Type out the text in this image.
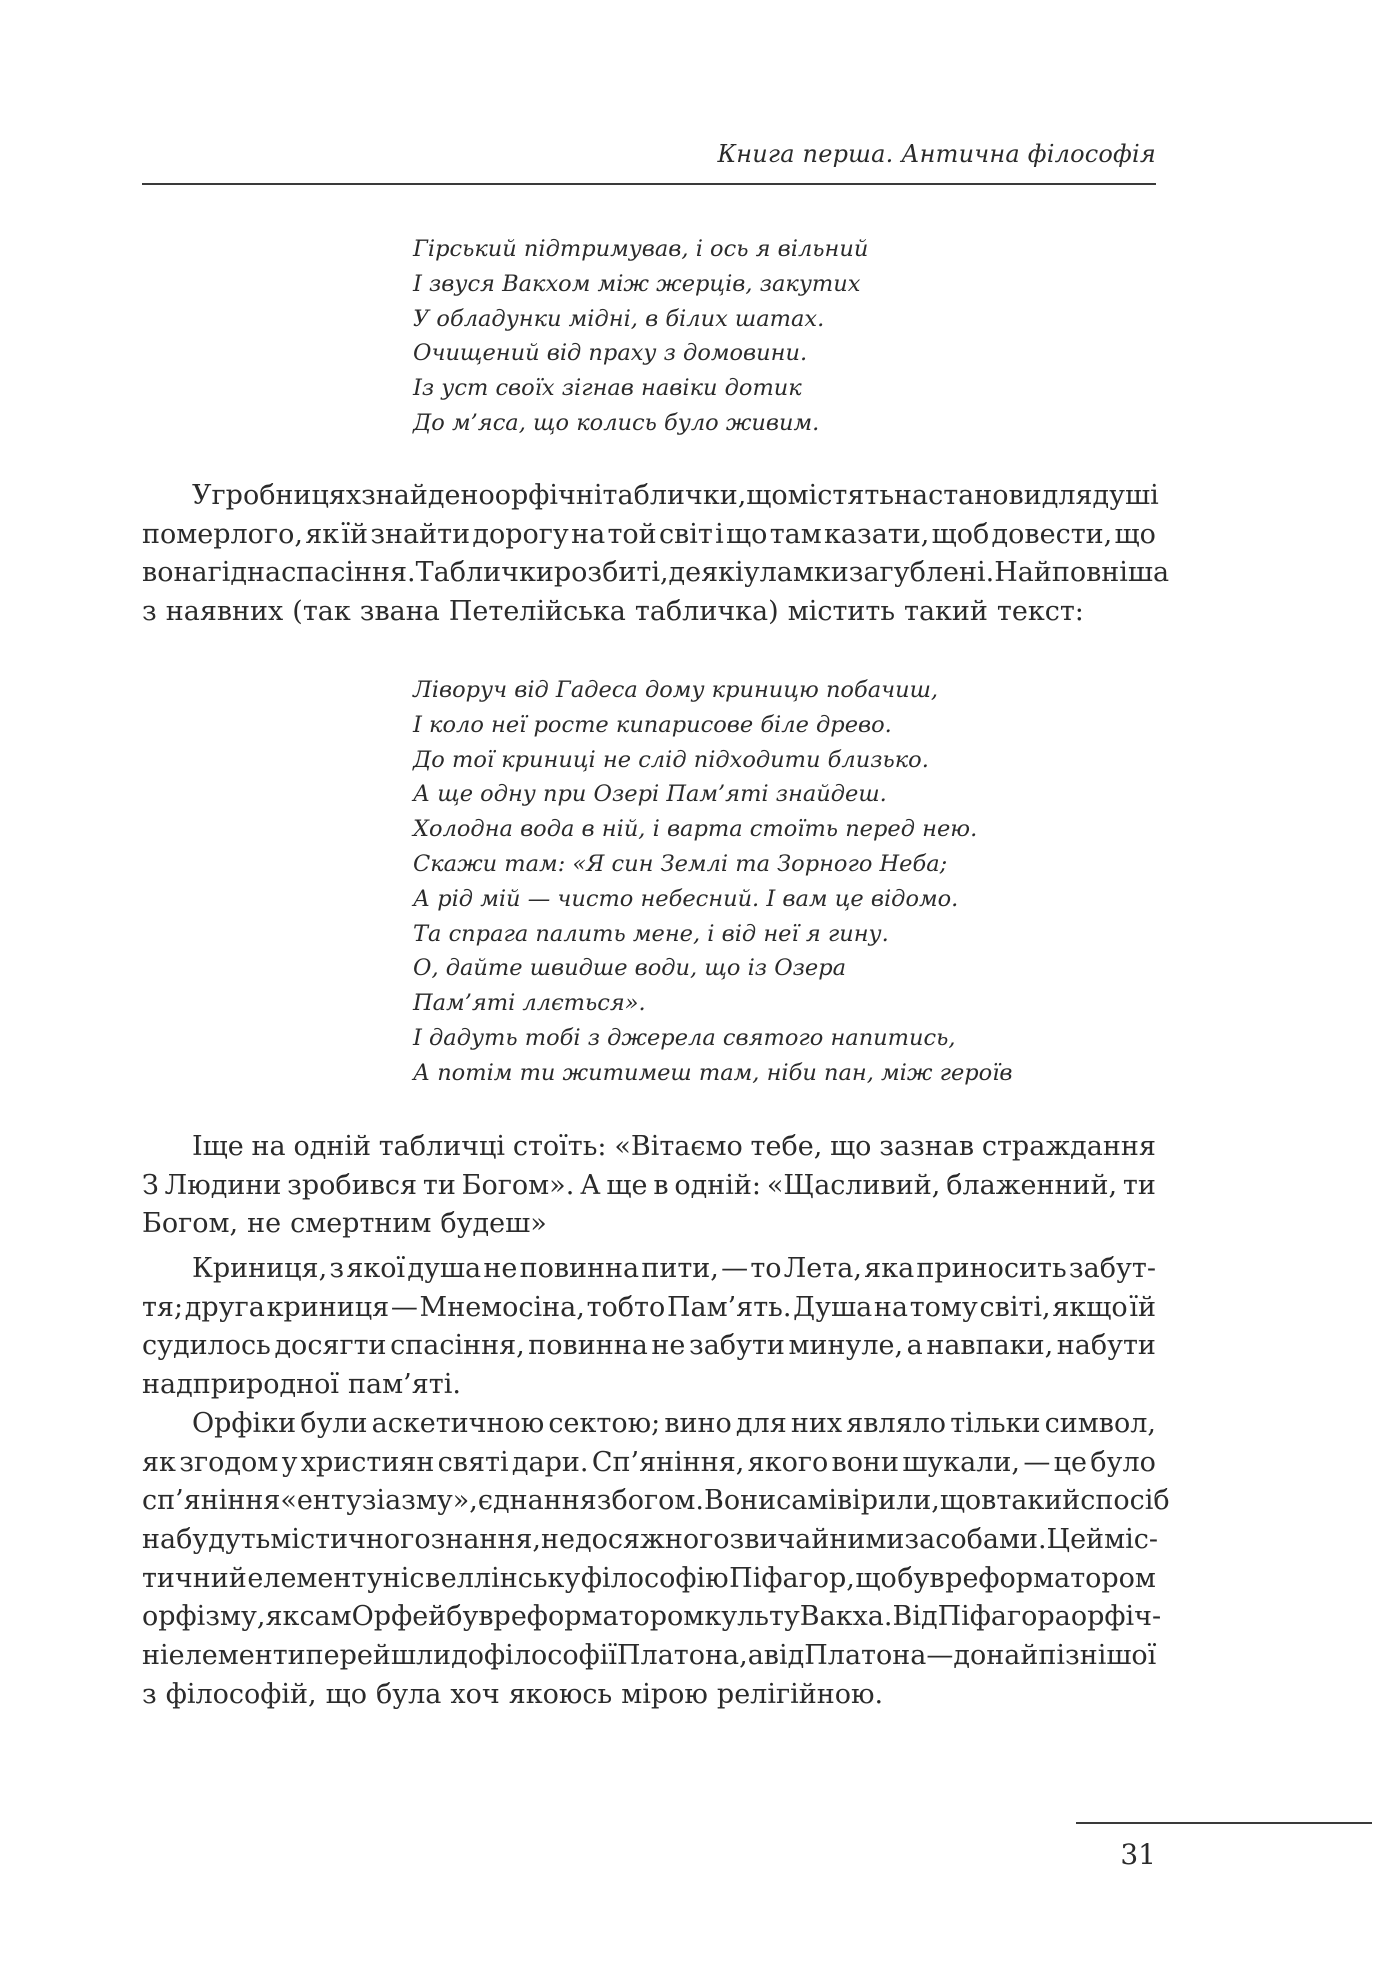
Книга перша. Антична філософія
Гірський підтримував, і ось я вільний
І звуся Вакхом між жерців, закутих
У обладунки мідні, в білих шатах.
Очищений від праху з домовини.
Із уст своїх зігнав навіки дотик
До м’яса, що колись було живим.
У гробницях знайдено орфічні таблички, що містять настанови для душі
померлого, як їй знайти дорогу на той світ і що там казати, щоб довести, що
вона гідна спасіння. Таблички розбиті, деякі уламки загублені. Найповніша
з наявних (так звана Петелійська табличка) містить такий текст:
Ліворуч від Гадеса дому криницю побачиш,
І коло неї росте кипарисове біле древо.
До тої криниці не слід підходити близько.
А ще одну при Озері Пам’яті знайдеш.
Холодна вода в ній, і варта стоїть перед нею.
Скажи там: «Я син Землі та Зорного Неба;
А рід мій — чисто небесний. І вам це відомо.
Та спрага палить мене, і від неї я гину.
О, дайте швидше води, що із Озера
Пам’яті ллється».
І дадуть тобі з джерела святого напитись,
А потім ти житимеш там, ніби пан, між героїв
Іще на одній табличці стоїть: «Вітаємо тебе, що зазнав страждання
З Людини зробився ти Богом». А ще в одній: «Щасливий, блаженний, ти
Богом, не смертним будеш»
Криниця, з якої душа не повинна пити, — то Лета, яка приносить забут-
тя; друга криниця — Мнемосіна, тобто Пам’ять. Душа на тому світі, якщо їй
судилось досягти спасіння, повинна не забути минуле, а навпаки, набути
надприродної пам’яті.
Орфіки були аскетичною сектою; вино для них являло тільки символ,
як згодом у християн святі дари. Сп’яніння, якого вони шукали, — це було
сп’яніння «ентузіазму», єднання з богом. Вони самі вірили, що в такий спосіб
набудуть містичного знання, недосяжного звичайними засобами. Цей міс-
тичний елемент уніс в еллінську філософію Піфагор, що був реформатором
орфізму, як сам Орфей був реформатором культу Вакха. Від Піфагора орфіч-
ні елементи перейшли до філософії Платона, а від Платона — до найпізнішої
з філософій, що була хоч якоюсь мірою релігійною.
31
